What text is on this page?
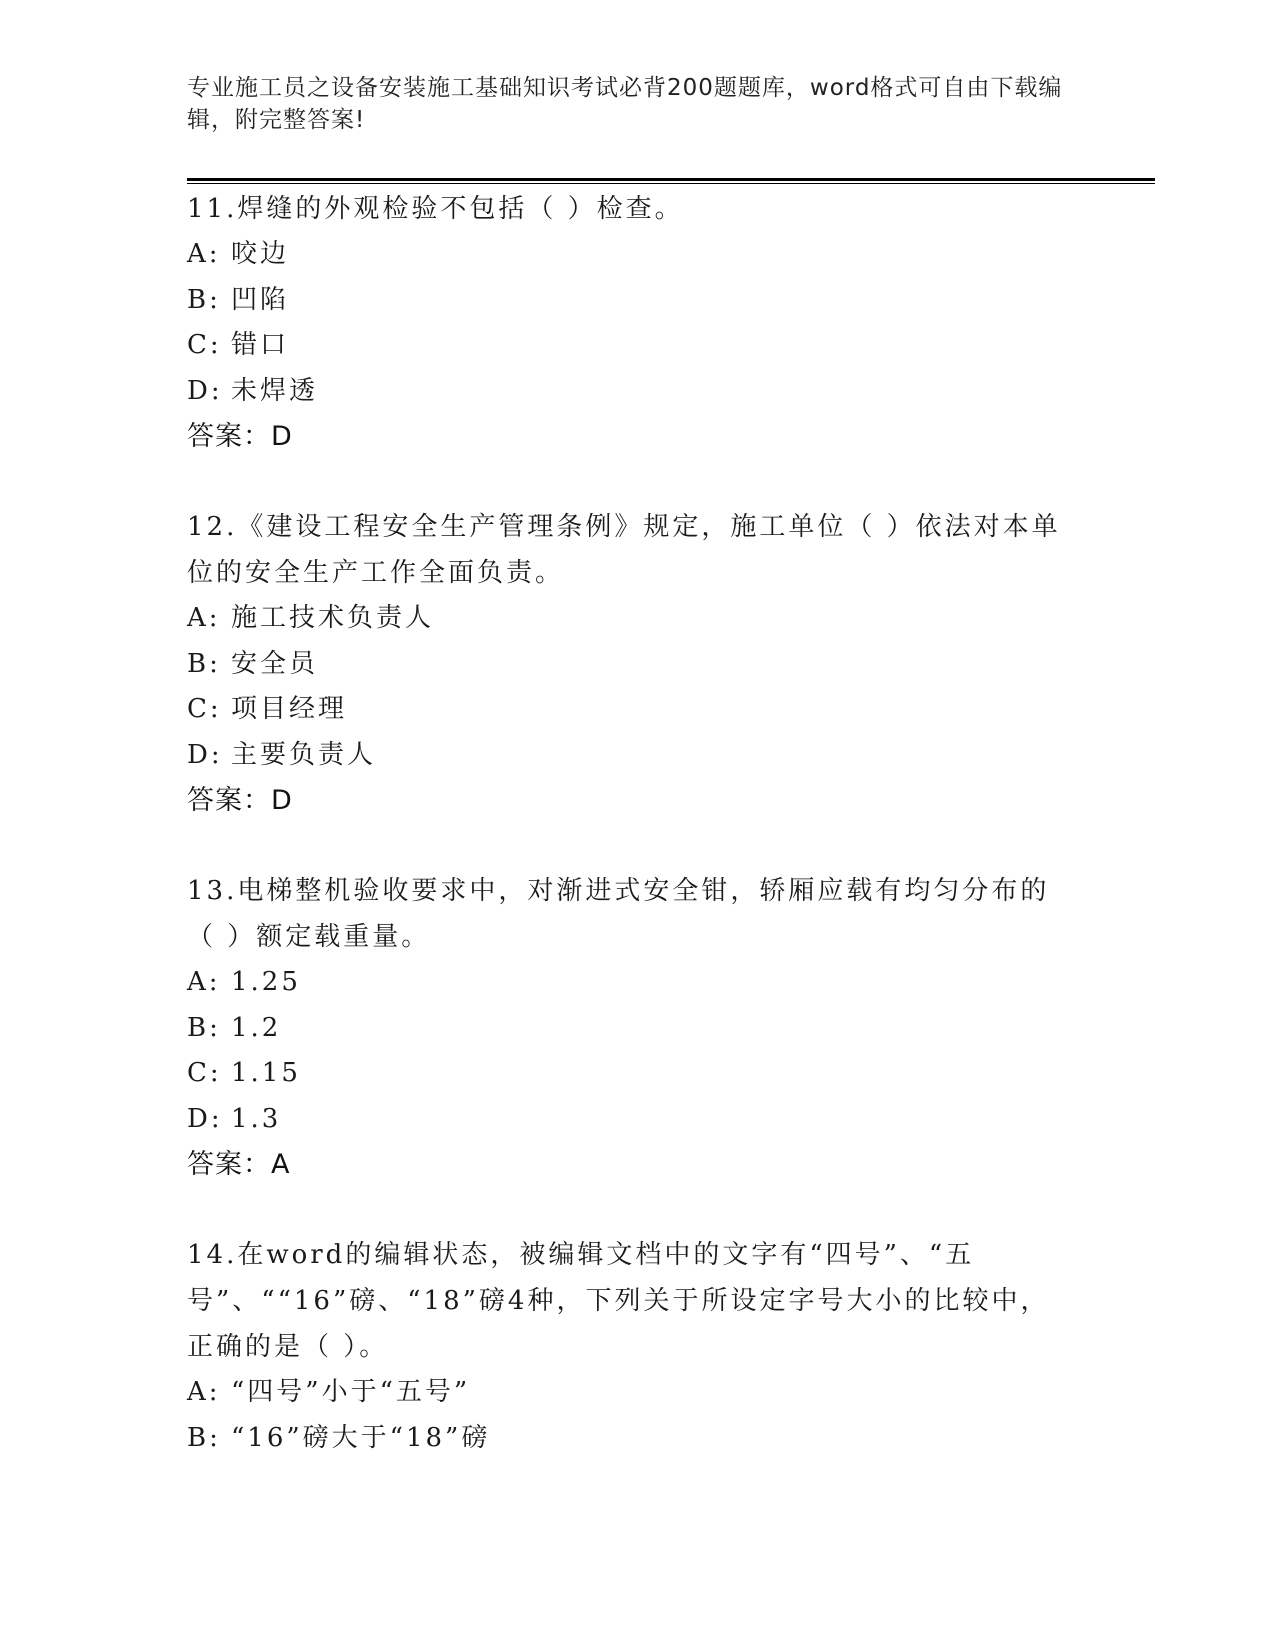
专业施工员之设备安装施工基础知识考试必背200题题库，word格式可自由下载编辑，附完整答案!
11.焊缝的外观检验不包括（ ）检查。
A: 咬边
B: 凹陷
C: 错口
D: 未焊透
答案：D
12.《建设工程安全生产管理条例》规定，施工单位（ ）依法对本单位的安全生产工作全面负责。
A: 施工技术负责人
B: 安全员
C: 项目经理
D: 主要负责人
答案：D
13.电梯整机验收要求中，对渐进式安全钳，轿厢应载有均匀分布的（ ）额定载重量。
A: 1.25
B: 1.2
C: 1.15
D: 1.3
答案：A
14.在word的编辑状态，被编辑文档中的文字有“四号”、“五号”、““16”磅、“18”磅4种，下列关于所设定字号大小的比较中，正确的是（ ）。
A: “四号”小于“五号”
B: “16”磅大于“18”磅
